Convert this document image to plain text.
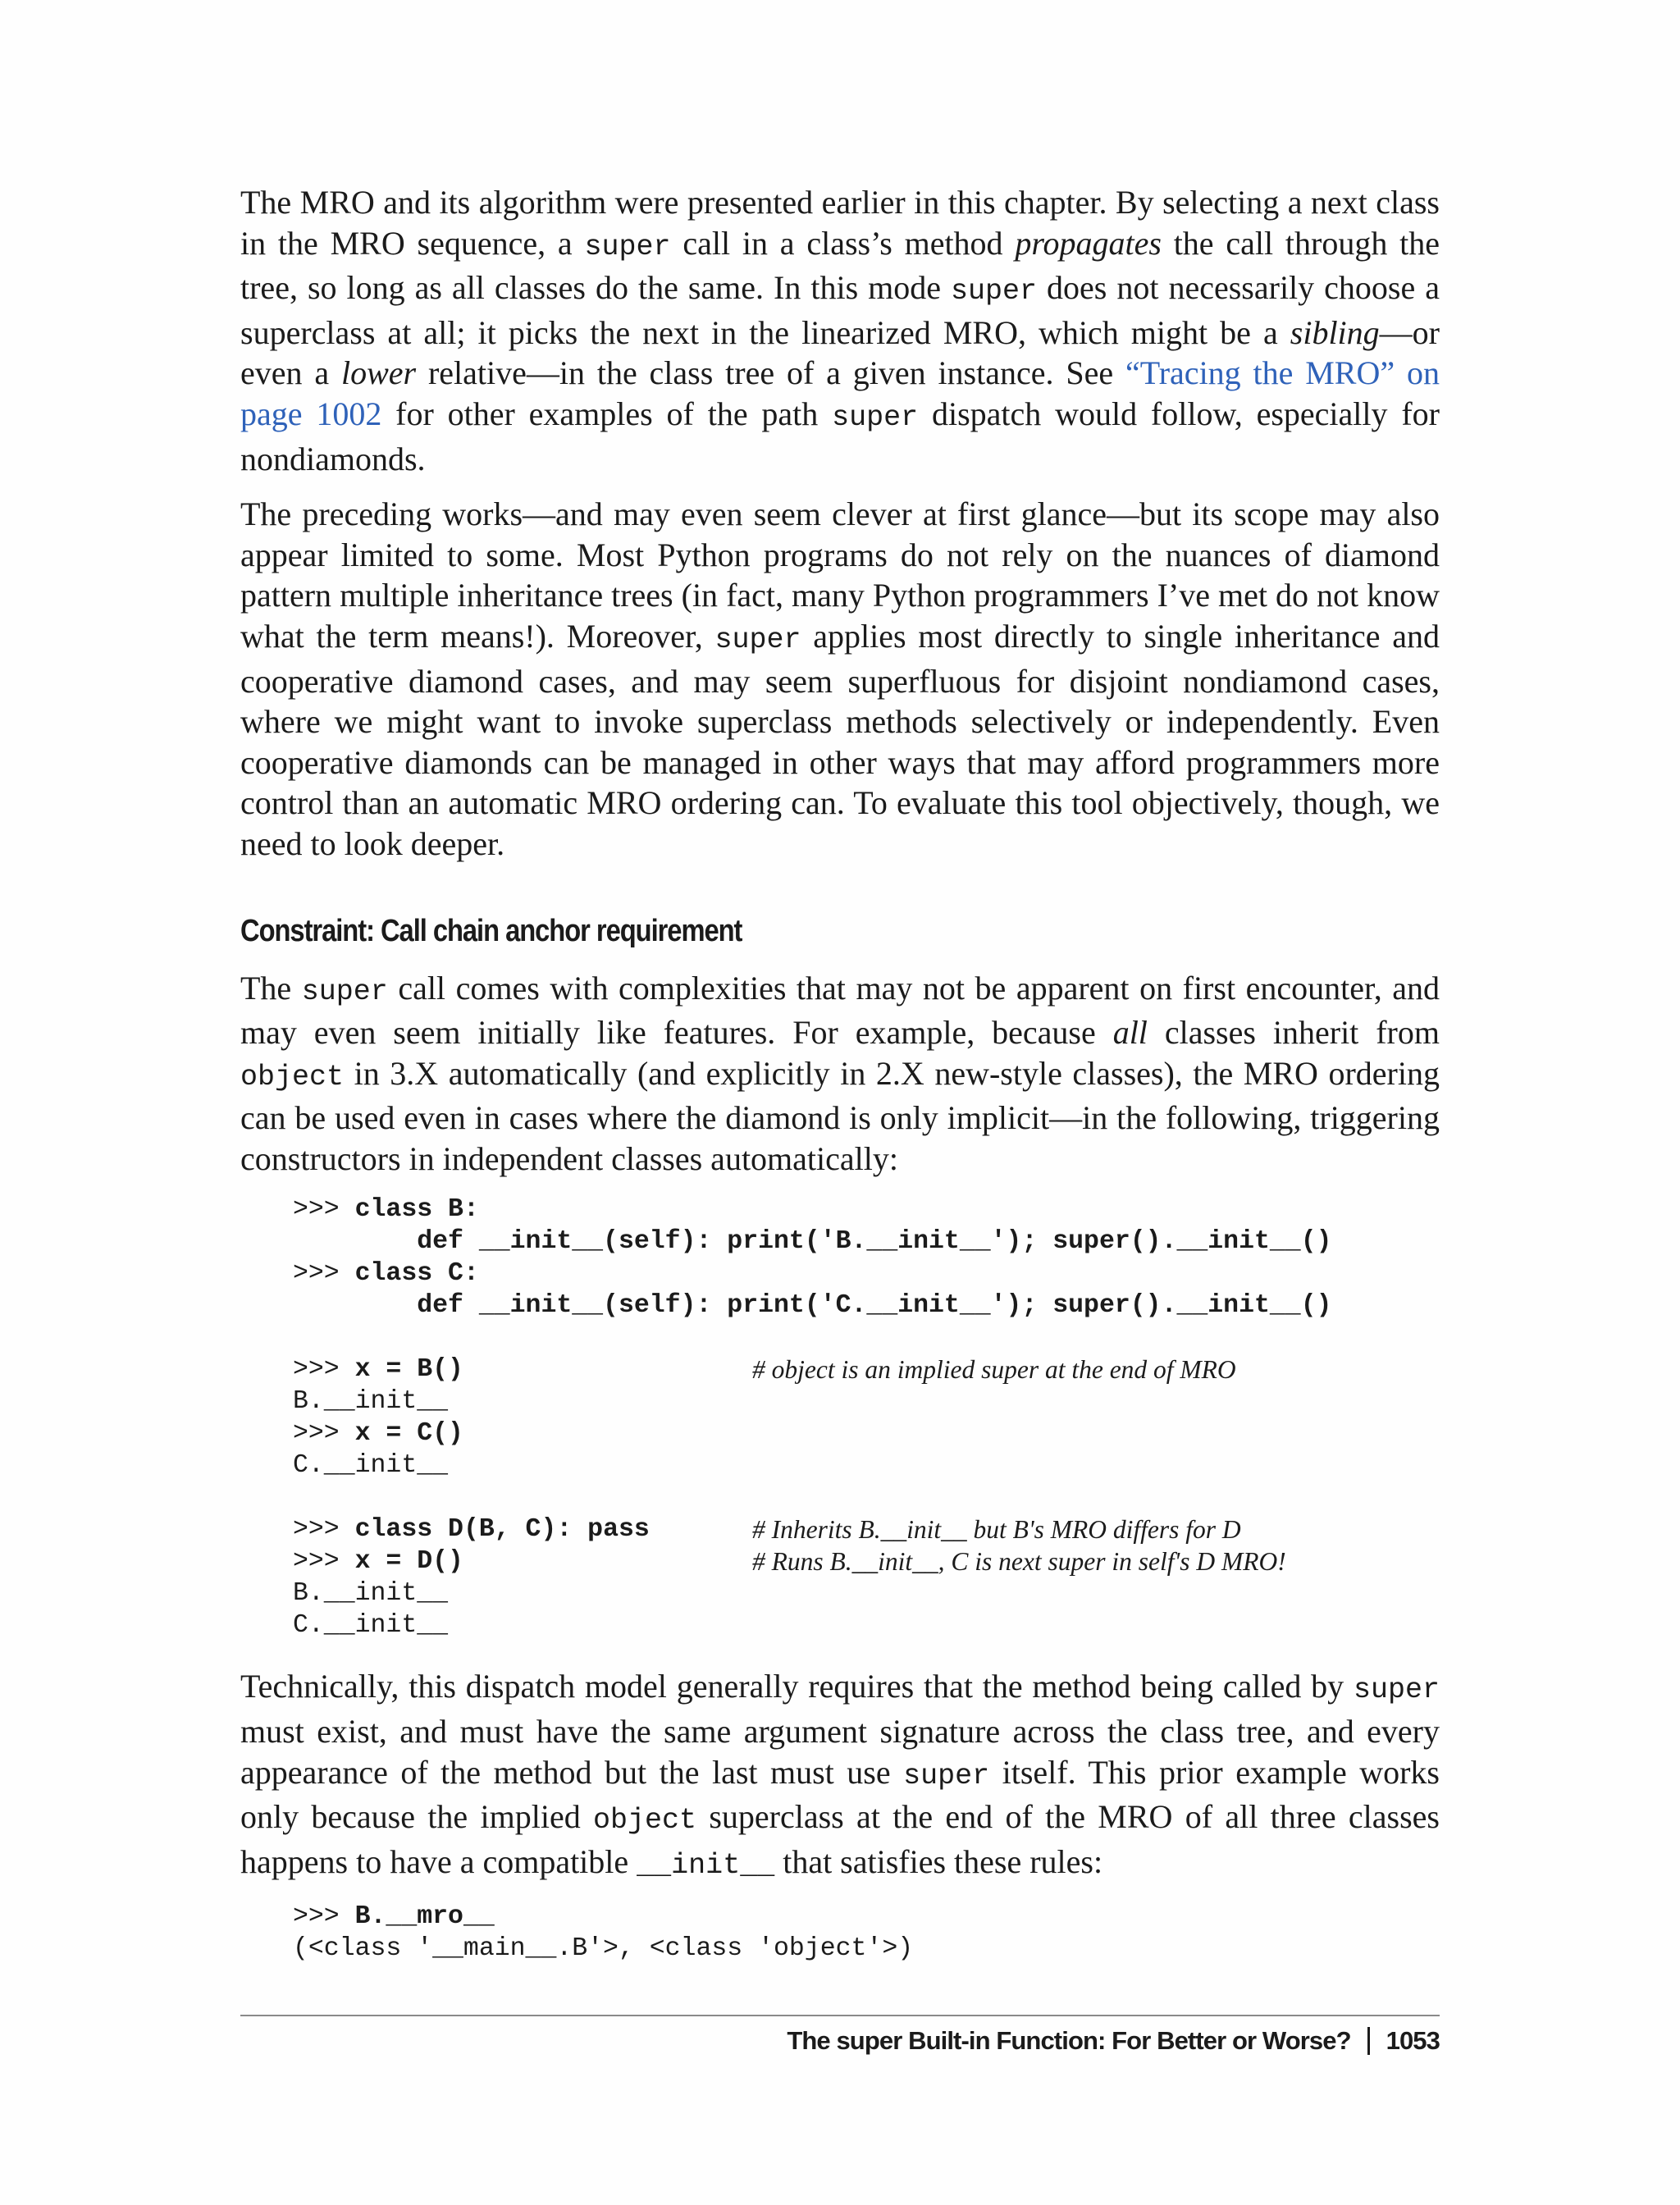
The MRO and its algorithm were presented earlier in this chapter. By selecting a next class in the MRO sequence, a super call in a class’s method propagates the call through the tree, so long as all classes do the same. In this mode super does not necessarily choose a superclass at all; it picks the next in the linearized MRO, which might be a sibling—or even a lower relative—in the class tree of a given instance. See “Tracing the MRO” on page 1002 for other examples of the path super dispatch would follow, especially for nondiamonds.

The preceding works—and may even seem clever at first glance—but its scope may also appear limited to some. Most Python programs do not rely on the nuances of diamond pattern multiple inheritance trees (in fact, many Python programmers I’ve met do not know what the term means!). Moreover, super applies most directly to single inheritance and cooperative diamond cases, and may seem superfluous for disjoint nondiamond cases, where we might want to invoke superclass methods selectively or independently. Even cooperative diamonds can be managed in other ways that may afford programmers more control than an automatic MRO ordering can. To evaluate this tool objectively, though, we need to look deeper.

Constraint: Call chain anchor requirement

The super call comes with complexities that may not be apparent on first encounter, and may even seem initially like features. For example, because all classes inherit from object in 3.X automatically (and explicitly in 2.X new-style classes), the MRO ordering can be used even in cases where the diamond is only implicit—in the following, triggering constructors in independent classes automatically:

>>> class B:
def __init__(self): print('B.__init__'); super().__init__()
>>> class C:
def __init__(self): print('C.__init__'); super().__init__()
>>> x = B()	# object is an implied super at the end of MRO
B.__init__
>>> x = C()
C.__init__
>>> class D(B, C): pass	# Inherits B.__init__ but B's MRO differs for D
>>> x = D()	# Runs B.__init__, C is next super in self's D MRO!
B.__init__
C.__init__

Technically, this dispatch model generally requires that the method being called by super must exist, and must have the same argument signature across the class tree, and every appearance of the method but the last must use super itself. This prior example works only because the implied object superclass at the end of the MRO of all three classes happens to have a compatible __init__ that satisfies these rules:

>>> B.__mro__
(<class '__main__.B'>, <class 'object'>)
The super Built-in Function: For Better or Worse? 1053
